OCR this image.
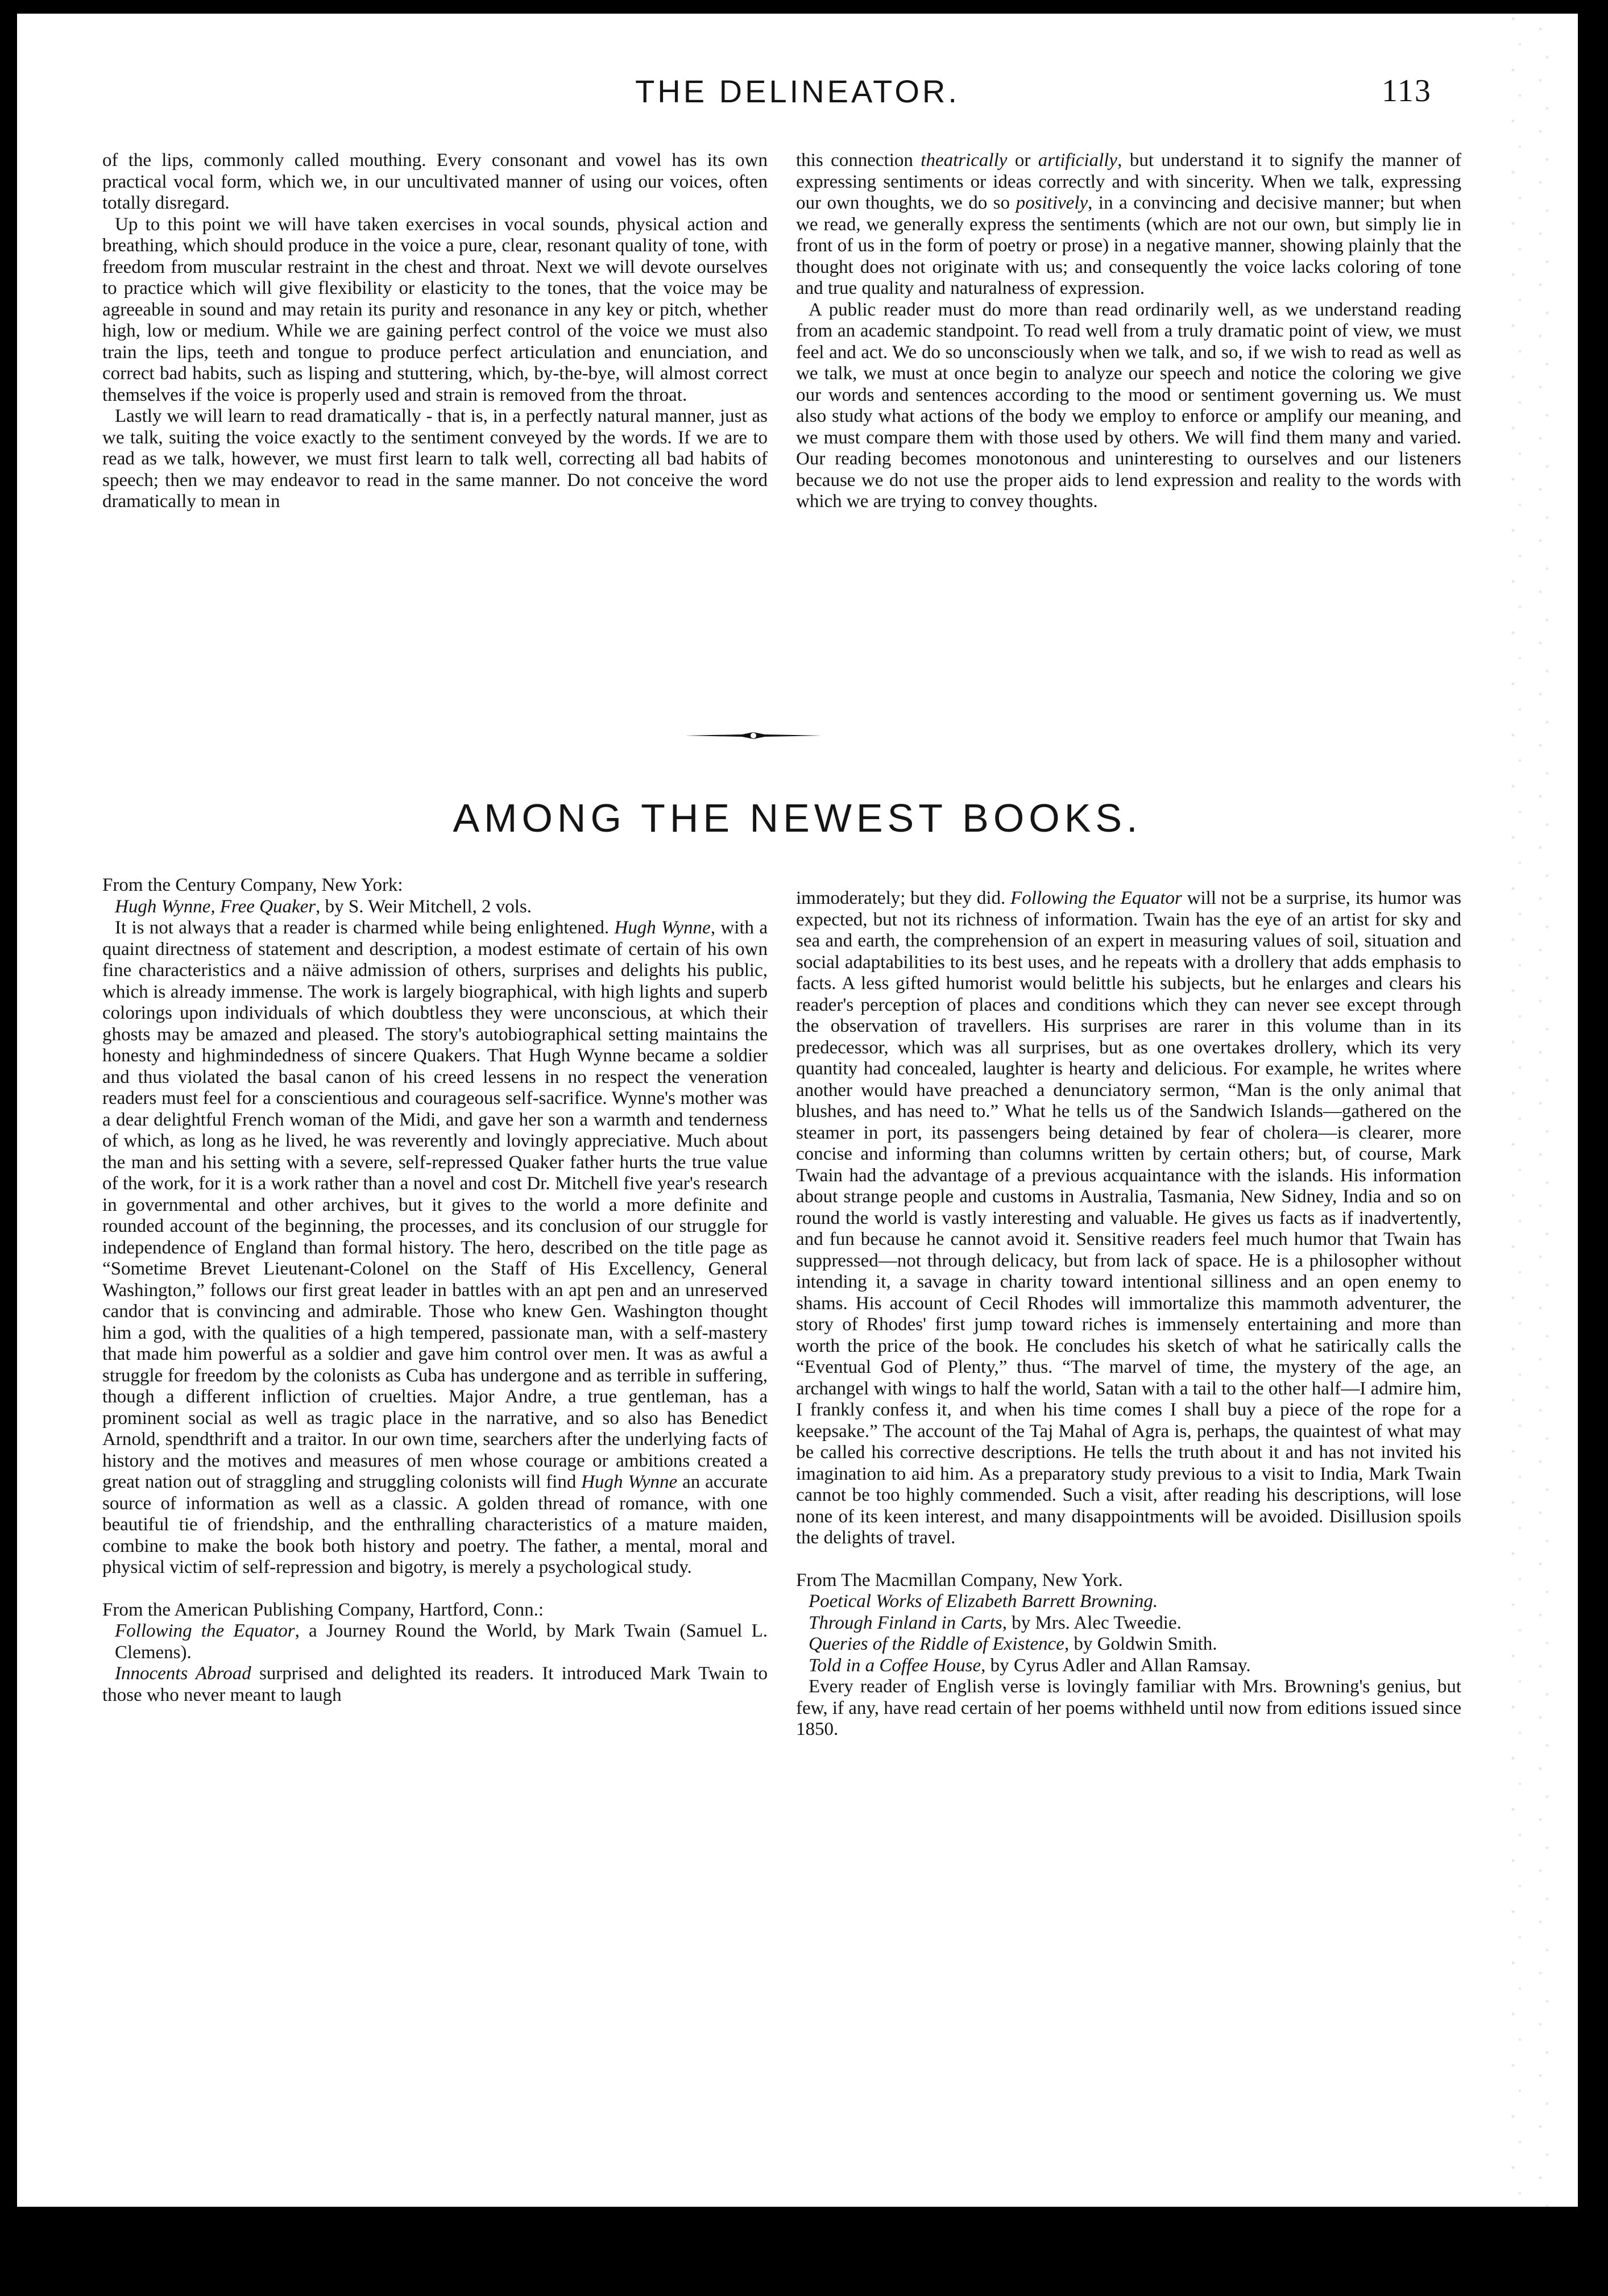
THE DELINEATOR.	113

of the lips, commonly called mouthing. Every consonant and vowel has its own practical vocal form, which we, in our uncultivated manner of using our voices, often totally disregard.

Up to this point we will have taken exercises in vocal sounds, physical action and breathing, which should produce in the voice a pure, clear, resonant quality of tone, with freedom from muscular restraint in the chest and throat. Next we will devote ourselves to practice which will give flexibility or elasticity to the tones, that the voice may be agreeable in sound and may retain its purity and resonance in any key or pitch, whether high, low or medium. While we are gaining perfect control of the voice we must also train the lips, teeth and tongue to produce perfect articulation and enunciation, and correct bad habits, such as lisping and stuttering, which, by-the-bye, will almost correct themselves if the voice is properly used and strain is removed from the throat.

Lastly we will learn to read dramatically - that is, in a perfectly natural manner, just as we talk, suiting the voice exactly to the sentiment conveyed by the words. If we are to read as we talk, however, we must first learn to talk well, correcting all bad habits of speech; then we may endeavor to read in the same manner. Do not conceive the word dramatically to mean in

this connection theatrically or artificially, but understand it to signify the manner of expressing sentiments or ideas correctly and with sincerity. When we talk, expressing our own thoughts, we do so positively, in a convincing and decisive manner; but when we read, we generally express the sentiments (which are not our own, but simply lie in front of us in the form of poetry or prose) in a negative manner, showing plainly that the thought does not originate with us; and consequently the voice lacks coloring of tone and true quality and naturalness of expression.

A public reader must do more than read ordinarily well, as we understand reading from an academic standpoint. To read well from a truly dramatic point of view, we must feel and act. We do so unconsciously when we talk, and so, if we wish to read as well as we talk, we must at once begin to analyze our speech and notice the coloring we give our words and sentences according to the mood or sentiment governing us. We must also study what actions of the body we employ to enforce or amplify our meaning, and we must compare them with those used by others. We will find them many and varied. Our reading becomes monotonous and uninteresting to ourselves and our listeners because we do not use the proper aids to lend expression and reality to the words with which we are trying to convey thoughts.

AMONG THE NEWEST BOOKS.

From the Century Company, New York:

Hugh Wynne, Free Quaker, by S. Weir Mitchell, 2 vols.

It is not always that a reader is charmed while being enlightened. Hugh Wynne, with a quaint directness of statement and description, a modest estimate of certain of his own fine characteristics and a näive admission of others, surprises and delights his public, which is already immense. The work is largely biographical, with high lights and superb colorings upon individuals of which doubtless they were unconscious, at which their ghosts may be amazed and pleased. The story's autobiographical setting maintains the honesty and highmindedness of sincere Quakers. That Hugh Wynne became a soldier and thus violated the basal canon of his creed lessens in no respect the veneration readers must feel for a conscientious and courageous self-sacrifice. Wynne's mother was a dear delightful French woman of the Midi, and gave her son a warmth and tenderness of which, as long as he lived, he was reverently and lovingly appreciative. Much about the man and his setting with a severe, self-repressed Quaker father hurts the true value of the work, for it is a work rather than a novel and cost Dr. Mitchell five year's research in governmental and other archives, but it gives to the world a more definite and rounded account of the beginning, the processes, and its conclusion of our struggle for independence of England than formal history. The hero, described on the title page as “Sometime Brevet Lieutenant-Colonel on the Staff of His Excellency, General Washington,” follows our first great leader in battles with an apt pen and an unreserved candor that is convincing and admirable. Those who knew Gen. Washington thought him a god, with the qualities of a high tempered, passionate man, with a self-mastery that made him powerful as a soldier and gave him control over men. It was as awful a struggle for freedom by the colonists as Cuba has undergone and as terrible in suffering, though a different infliction of cruelties. Major Andre, a true gentleman, has a prominent social as well as tragic place in the narrative, and so also has Benedict Arnold, spendthrift and a traitor. In our own time, searchers after the underlying facts of history and the motives and measures of men whose courage or ambitions created a great nation out of straggling and struggling colonists will find Hugh Wynne an accurate source of information as well as a classic. A golden thread of romance, with one beautiful tie of friendship, and the enthralling characteristics of a mature maiden, combine to make the book both history and poetry. The father, a mental, moral and physical victim of self-repression and bigotry, is merely a psychological study.

From the American Publishing Company, Hartford, Conn.:

Following the Equator, a Journey Round the World, by Mark Twain (Samuel L. Clemens).

Innocents Abroad surprised and delighted its readers. It introduced Mark Twain to those who never meant to laugh

immoderately; but they did. Following the Equator will not be a surprise, its humor was expected, but not its richness of information. Twain has the eye of an artist for sky and sea and earth, the comprehension of an expert in measuring values of soil, situation and social adaptabilities to its best uses, and he repeats with a drollery that adds emphasis to facts. A less gifted humorist would belittle his subjects, but he enlarges and clears his reader's perception of places and conditions which they can never see except through the observation of travellers. His surprises are rarer in this volume than in its predecessor, which was all surprises, but as one overtakes drollery, which its very quantity had concealed, laughter is hearty and delicious. For example, he writes where another would have preached a denunciatory sermon, “Man is the only animal that blushes, and has need to.” What he tells us of the Sandwich Islands—gathered on the steamer in port, its passengers being detained by fear of cholera—is clearer, more concise and informing than columns written by certain others; but, of course, Mark Twain had the advantage of a previous acquaintance with the islands. His information about strange people and customs in Australia, Tasmania, New Sidney, India and so on round the world is vastly interesting and valuable. He gives us facts as if inadvertently, and fun because he cannot avoid it. Sensitive readers feel much humor that Twain has suppressed—not through delicacy, but from lack of space. He is a philosopher without intending it, a savage in charity toward intentional silliness and an open enemy to shams. His account of Cecil Rhodes will immortalize this mammoth adventurer, the story of Rhodes' first jump toward riches is immensely entertaining and more than worth the price of the book. He concludes his sketch of what he satirically calls the “Eventual God of Plenty,” thus. “The marvel of time, the mystery of the age, an archangel with wings to half the world, Satan with a tail to the other half—I admire him, I frankly confess it, and when his time comes I shall buy a piece of the rope for a keepsake.” The account of the Taj Mahal of Agra is, perhaps, the quaintest of what may be called his corrective descriptions. He tells the truth about it and has not invited his imagination to aid him. As a preparatory study previous to a visit to India, Mark Twain cannot be too highly commended. Such a visit, after reading his descriptions, will lose none of its keen interest, and many disappointments will be avoided. Disillusion spoils the delights of travel.

From The Macmillan Company, New York.

Poetical Works of Elizabeth Barrett Browning.

Through Finland in Carts, by Mrs. Alec Tweedie.

Queries of the Riddle of Existence, by Goldwin Smith.

Told in a Coffee House, by Cyrus Adler and Allan Ramsay.

Every reader of English verse is lovingly familiar with Mrs. Browning's genius, but few, if any, have read certain of her poems withheld until now from editions issued since 1850.
